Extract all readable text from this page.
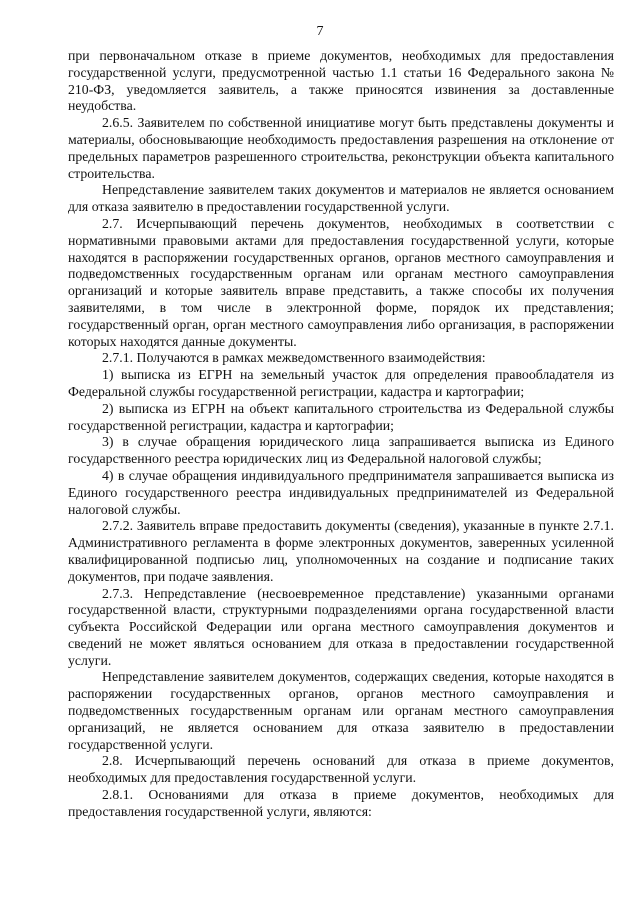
7

при первоначальном отказе в приеме документов, необходимых для предоставления государственной услуги, предусмотренной частью 1.1 статьи 16 Федерального закона № 210-ФЗ, уведомляется заявитель, а также приносятся извинения за доставленные неудобства.

2.6.5. Заявителем по собственной инициативе могут быть представлены документы и материалы, обосновывающие необходимость предоставления разрешения на отклонение от предельных параметров разрешенного строительства, реконструкции объекта капитального строительства.

Непредставление заявителем таких документов и материалов не является основанием для отказа заявителю в предоставлении государственной услуги.

2.7. Исчерпывающий перечень документов, необходимых в соответствии с нормативными правовыми актами для предоставления государственной услуги, которые находятся в распоряжении государственных органов, органов местного самоуправления и подведомственных государственным органам или органам местного самоуправления организаций и которые заявитель вправе представить, а также способы их получения заявителями, в том числе в электронной форме, порядок их представления; государственный орган, орган местного самоуправления либо организация, в распоряжении которых находятся данные документы.

2.7.1. Получаются в рамках межведомственного взаимодействия:

1) выписка из ЕГРН на земельный участок для определения правообладателя из Федеральной службы государственной регистрации, кадастра и картографии;

2) выписка из ЕГРН на объект капитального строительства из Федеральной службы государственной регистрации, кадастра и картографии;

3) в случае обращения юридического лица запрашивается выписка из Единого государственного реестра юридических лиц из Федеральной налоговой службы;

4) в случае обращения индивидуального предпринимателя запрашивается выписка из Единого государственного реестра индивидуальных предпринимателей из Федеральной налоговой службы.

2.7.2. Заявитель вправе предоставить документы (сведения), указанные в пункте 2.7.1. Административного регламента в форме электронных документов, заверенных усиленной квалифицированной подписью лиц, уполномоченных на создание и подписание таких документов, при подаче заявления.

2.7.3. Непредставление (несвоевременное представление) указанными органами государственной власти, структурными подразделениями органа государственной власти субъекта Российской Федерации или органа местного самоуправления документов и сведений не может являться основанием для отказа в предоставлении государственной услуги.

Непредставление заявителем документов, содержащих сведения, которые находятся в распоряжении государственных органов, органов местного самоуправления и подведомственных государственным органам или органам местного самоуправления организаций, не является основанием для отказа заявителю в предоставлении государственной услуги.

2.8. Исчерпывающий перечень оснований для отказа в приеме документов, необходимых для предоставления государственной услуги.

2.8.1. Основаниями для отказа в приеме документов, необходимых для предоставления государственной услуги, являются:
